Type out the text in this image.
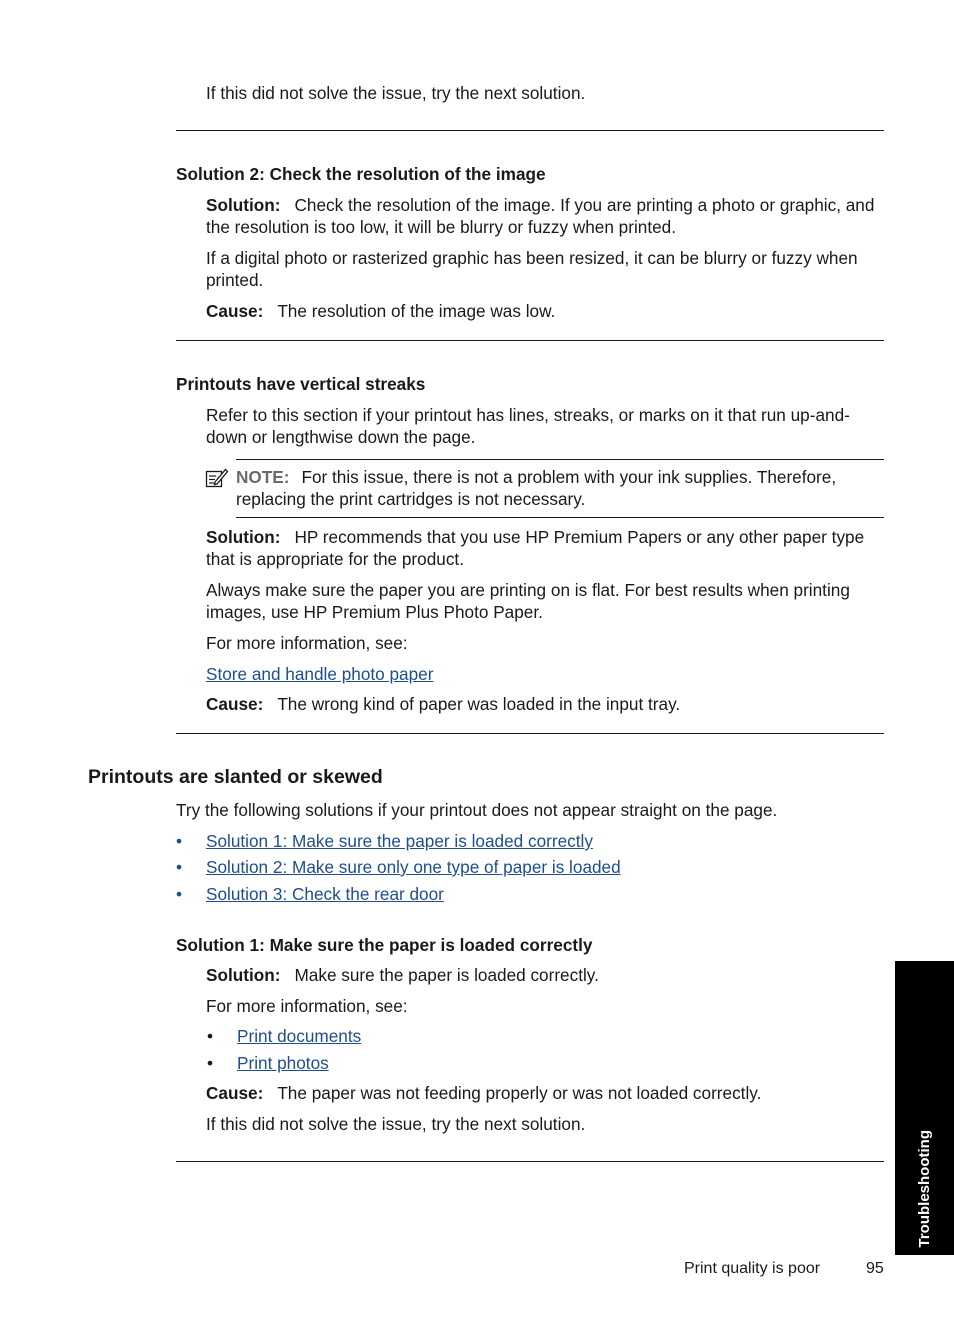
If this did not solve the issue, try the next solution.

Solution 2: Check the resolution of the image

Solution: Check the resolution of the image. If you are printing a photo or graphic, and the resolution is too low, it will be blurry or fuzzy when printed.

If a digital photo or rasterized graphic has been resized, it can be blurry or fuzzy when printed.

Cause: The resolution of the image was low.

Printouts have vertical streaks

Refer to this section if your printout has lines, streaks, or marks on it that run up-and-down or lengthwise down the page.

NOTE: For this issue, there is not a problem with your ink supplies. Therefore, replacing the print cartridges is not necessary.

Solution: HP recommends that you use HP Premium Papers or any other paper type that is appropriate for the product.

Always make sure the paper you are printing on is flat. For best results when printing images, use HP Premium Plus Photo Paper.

For more information, see:

Store and handle photo paper

Cause: The wrong kind of paper was loaded in the input tray.

Printouts are slanted or skewed

Try the following solutions if your printout does not appear straight on the page.

• Solution 1: Make sure the paper is loaded correctly

• Solution 2: Make sure only one type of paper is loaded

• Solution 3: Check the rear door

Solution 1: Make sure the paper is loaded correctly

Solution: Make sure the paper is loaded correctly.

For more information, see:

• Print documents

• Print photos

Cause: The paper was not feeding properly or was not loaded correctly.

If this did not solve the issue, try the next solution.

Troubleshooting
Print quality is poor	95
